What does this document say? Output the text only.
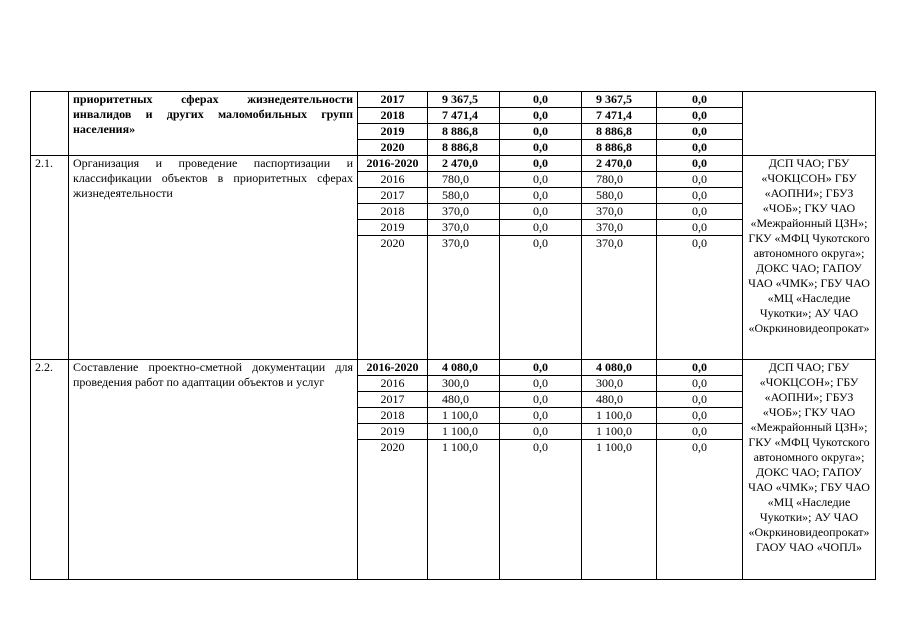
	приоритетных сферах жизнедеятельности инвалидов и других маломобильных групп населения»	2017	9 367,5	0,0	9 367,5	0,0	
		2018	7 471,4	0,0	7 471,4	0,0	
		2019	8 886,8	0,0	8 886,8	0,0	
		2020	8 886,8	0,0	8 886,8	0,0	
2.1.	Организация и проведение паспортизации и классификации объектов в приоритетных сферах жизнедеятельности	2016-2020	2 470,0	0,0	2 470,0	0,0	ДСП ЧАО; ГБУ «ЧОКЦСОН» ГБУ «АОПНИ»; ГБУЗ «ЧОБ»; ГКУ ЧАО «Межрайонный ЦЗН»; ГКУ «МФЦ Чукотского автономного округа»; ДОКС ЧАО; ГАПОУ ЧАО «ЧМК»; ГБУ ЧАО «МЦ «Наследие Чукотки»; АУ ЧАО «Окркиновидеопрокат»
		2016	780,0	0,0	780,0	0,0	
		2017	580,0	0,0	580,0	0,0	
		2018	370,0	0,0	370,0	0,0	
		2019	370,0	0,0	370,0	0,0	
		2020	370,0	0,0	370,0	0,0	
2.2.	Составление проектно-сметной документации для проведения работ по адаптации объектов и услуг	2016-2020	4 080,0	0,0	4 080,0	0,0	ДСП ЧАО; ГБУ «ЧОКЦСОН»; ГБУ «АОПНИ»; ГБУЗ «ЧОБ»; ГКУ ЧАО «Межрайонный ЦЗН»; ГКУ «МФЦ Чукотского автономного округа»; ДОКС ЧАО; ГАПОУ ЧАО «ЧМК»; ГБУ ЧАО «МЦ «Наследие Чукотки»; АУ ЧАО «Окркиновидеопрокат» ГАОУ ЧАО «ЧОПЛ»
		2016	300,0	0,0	300,0	0,0	
		2017	480,0	0,0	480,0	0,0	
		2018	1 100,0	0,0	1 100,0	0,0	
		2019	1 100,0	0,0	1 100,0	0,0	
		2020	1 100,0	0,0	1 100,0	0,0	
